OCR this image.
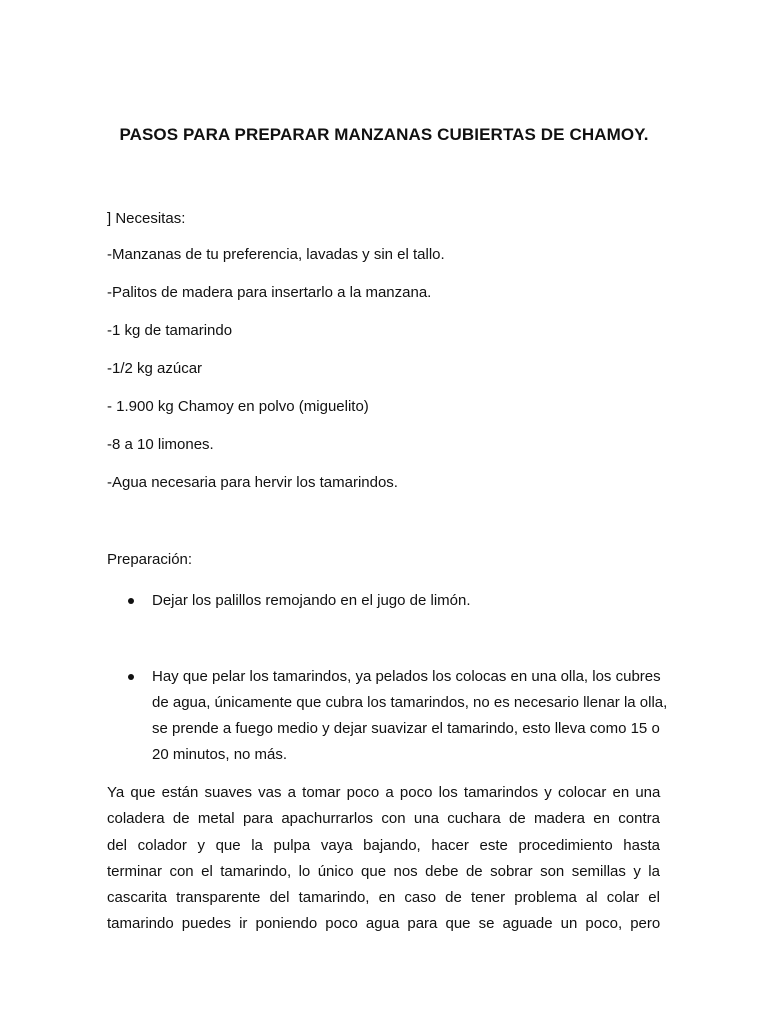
PASOS PARA PREPARAR MANZANAS CUBIERTAS DE CHAMOY.
] Necesitas:
-Manzanas de tu preferencia, lavadas y sin el tallo.
-Palitos de madera para insertarlo a la manzana.
-1 kg de tamarindo
-1/2 kg azúcar
- 1.900 kg Chamoy en polvo (miguelito)
-8 a 10 limones.
-Agua necesaria para hervir los tamarindos.
Preparación:
Dejar los palillos remojando en el jugo de limón.
Hay que pelar los tamarindos, ya pelados los colocas en una olla, los cubres de agua, únicamente que cubra los tamarindos, no es necesario llenar la olla, se prende a fuego medio y dejar suavizar el tamarindo, esto lleva como 15 o 20 minutos, no más.
Ya que están suaves vas a tomar poco a poco los tamarindos y colocar en una
coladera de metal para apachurrarlos con una cuchara de madera en contra
del colador y que la pulpa vaya bajando, hacer este procedimiento hasta
terminar con el tamarindo, lo único que nos debe de sobrar son semillas y la
cascarita transparente del tamarindo, en caso de tener problema al colar el
tamarindo puedes ir poniendo poco agua para que se aguade un poco, pero
